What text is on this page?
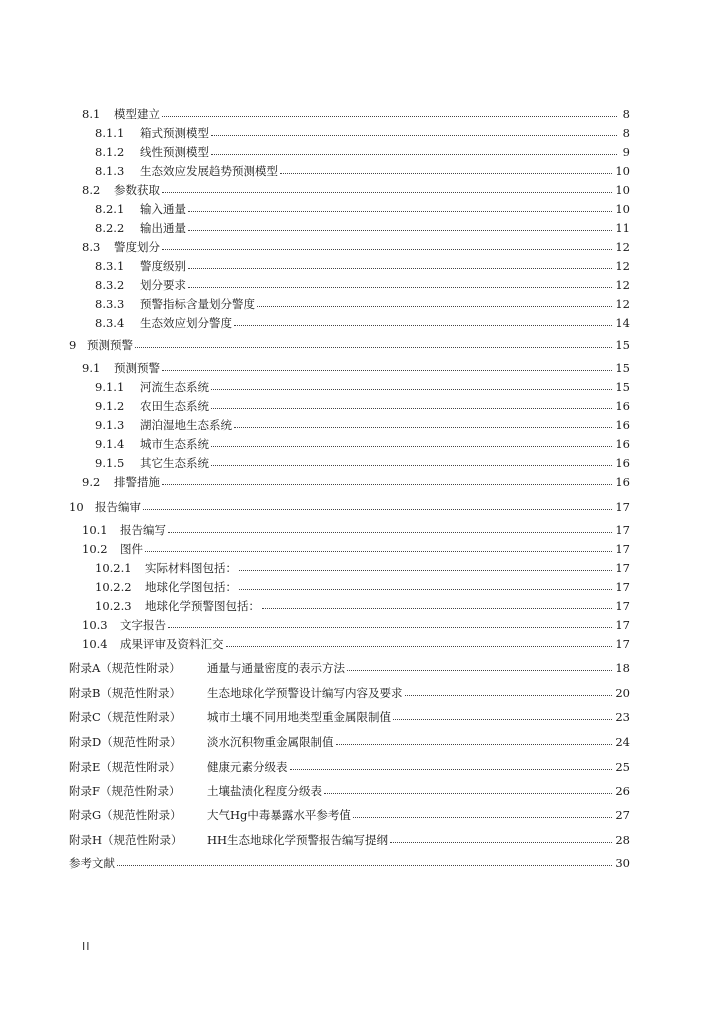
8.1	模型建立	8
8.1.1	箱式预测模型	8
8.1.2	线性预测模型	9
8.1.3	生态效应发展趋势预测模型	10
8.2	参数获取	10
8.2.1	输入通量	10
8.2.2	输出通量	11
8.3	警度划分	12
8.3.1	警度级别	12
8.3.2	划分要求	12
8.3.3	预警指标含量划分警度	12
8.3.4	生态效应划分警度	14
9 预测预警	15
9.1	预测预警	15
9.1.1	河流生态系统	15
9.1.2	农田生态系统	16
9.1.3	湖泊湿地生态系统	16
9.1.4	城市生态系统	16
9.1.5	其它生态系统	16
9.2	排警措施	16
10 报告编审	17
10.1	报告编写	17
10.2	图件	17
10.2.1	实际材料图包括：	17
10.2.2	地球化学图包括：	17
10.2.3	地球化学预警图包括：	17
10.3	文字报告	17
10.4	成果评审及资料汇交	17
附录A（规范性附录）	通量与通量密度的表示方法	18
附录B（规范性附录）	生态地球化学预警设计编写内容及要求	20
附录C（规范性附录）	城市土壤不同用地类型重金属限制值	23
附录D（规范性附录）	淡水沉积物重金属限制值	24
附录E（规范性附录）	健康元素分级表	25
附录F（规范性附录）	土壤盐渍化程度分级表	26
附录G（规范性附录）	大气Hg中毒暴露水平参考值	27
附录H（规范性附录）	HH生态地球化学预警报告编写提纲	28
参考文献	30
II
